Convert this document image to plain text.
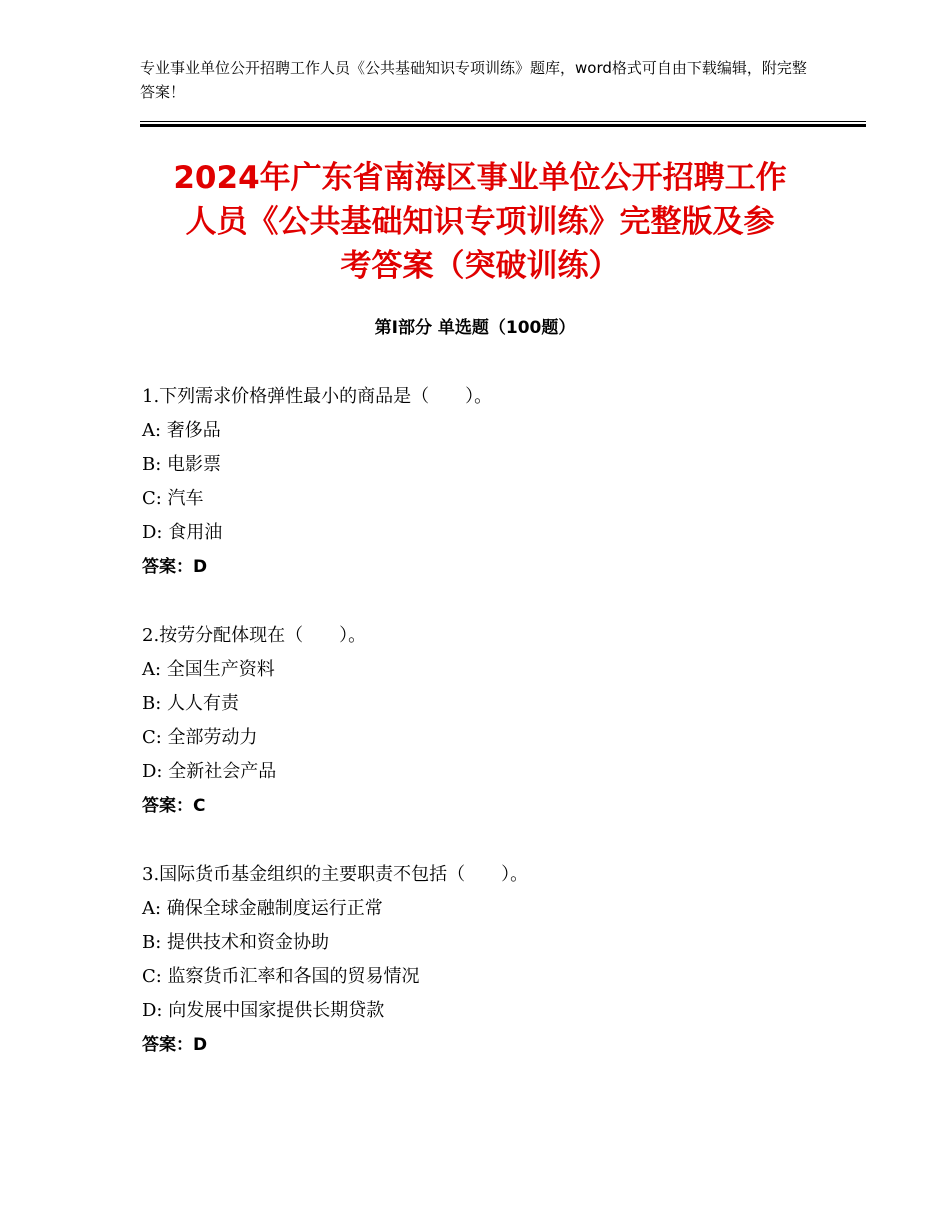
专业事业单位公开招聘工作人员《公共基础知识专项训练》题库，word格式可自由下载编辑，附完整答案！
2024年广东省南海区事业单位公开招聘工作
人员《公共基础知识专项训练》完整版及参
考答案（突破训练）
第Ⅰ部分 单选题（100题）
1.下列需求价格弹性最小的商品是（　　）。
A: 奢侈品
B: 电影票
C: 汽车
D: 食用油
答案：D
2.按劳分配体现在（　　）。
A: 全国生产资料
B: 人人有责
C: 全部劳动力
D: 全新社会产品
答案：C
3.国际货币基金组织的主要职责不包括（　　）。
A: 确保全球金融制度运行正常
B: 提供技术和资金协助
C: 监察货币汇率和各国的贸易情况
D: 向发展中国家提供长期贷款
答案：D
